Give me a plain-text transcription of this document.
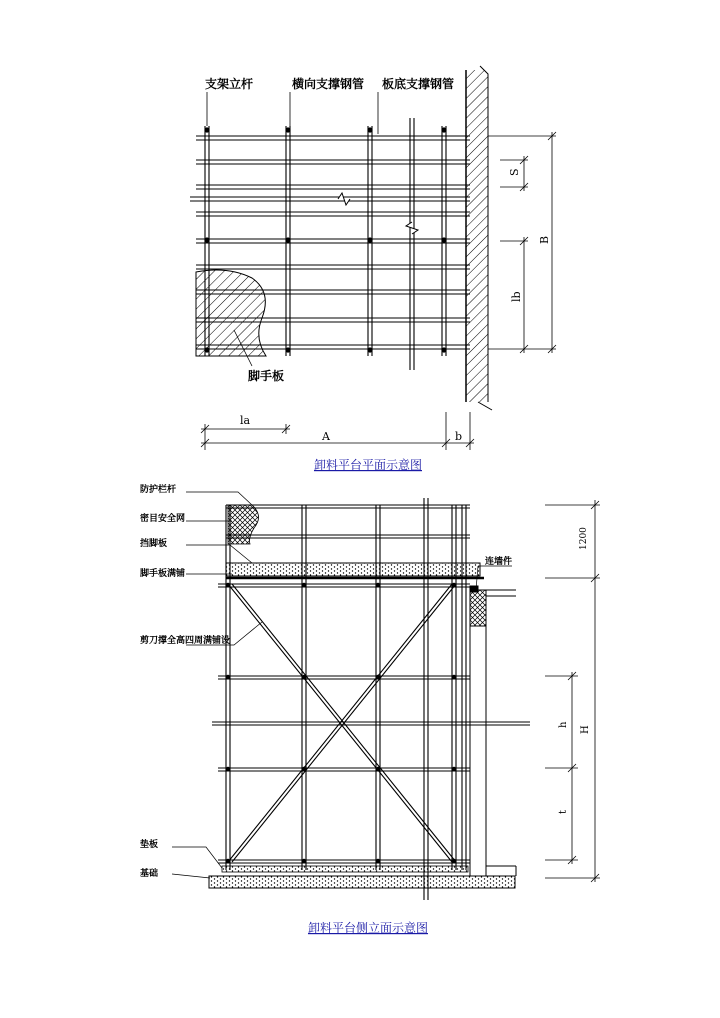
支架立杆	横向支撑钢管 板底支撑钢管
脚手板
S
lb
B
la
A	b
卸料平台平面示意图
防护栏杆
密目安全网
挡脚板
脚手板满铺
剪刀撑全高四周满铺设
垫板
基础
连墙件
1200
h
H
t
卸料平台侧立面示意图
